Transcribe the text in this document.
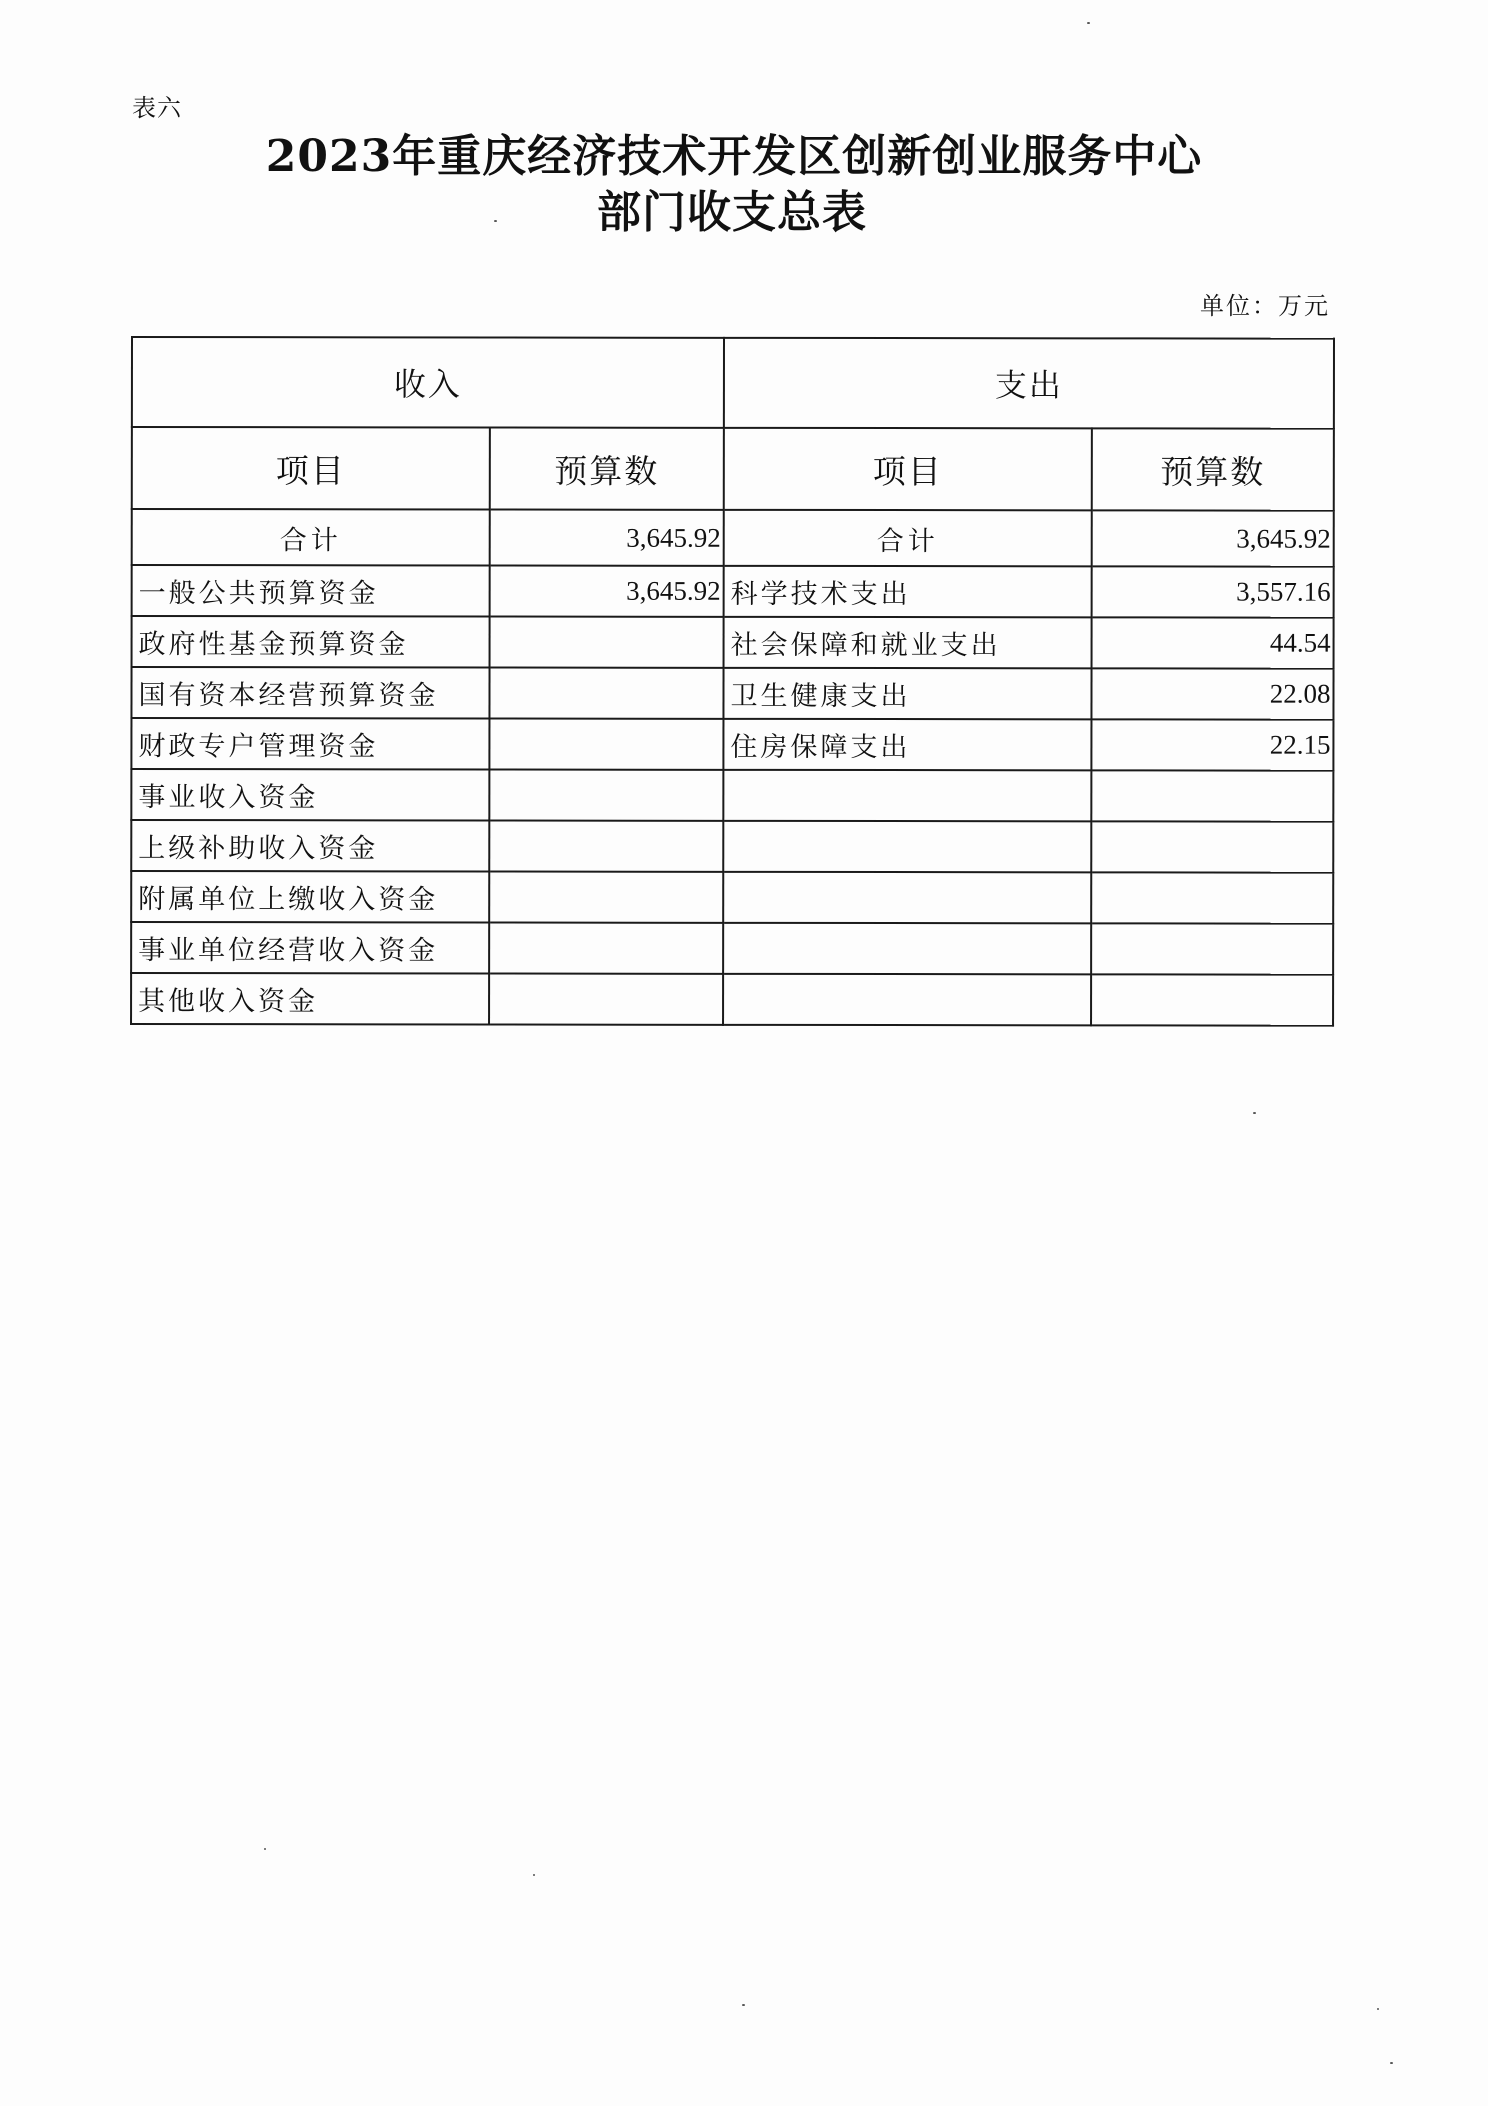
表六
2023年重庆经济技术开发区创新创业服务中心
部门收支总表
单位：万元
收入		支出	
项目	预算数	项目	预算数
合计	3,645.92	合计	3,645.92
一般公共预算资金	3,645.92	科学技术支出	3,557.16
政府性基金预算资金		社会保障和就业支出	44.54
国有资本经营预算资金		卫生健康支出	22.08
财政专户管理资金		住房保障支出	22.15
事业收入资金			
上级补助收入资金			
附属单位上缴收入资金			
事业单位经营收入资金			
其他收入资金			
